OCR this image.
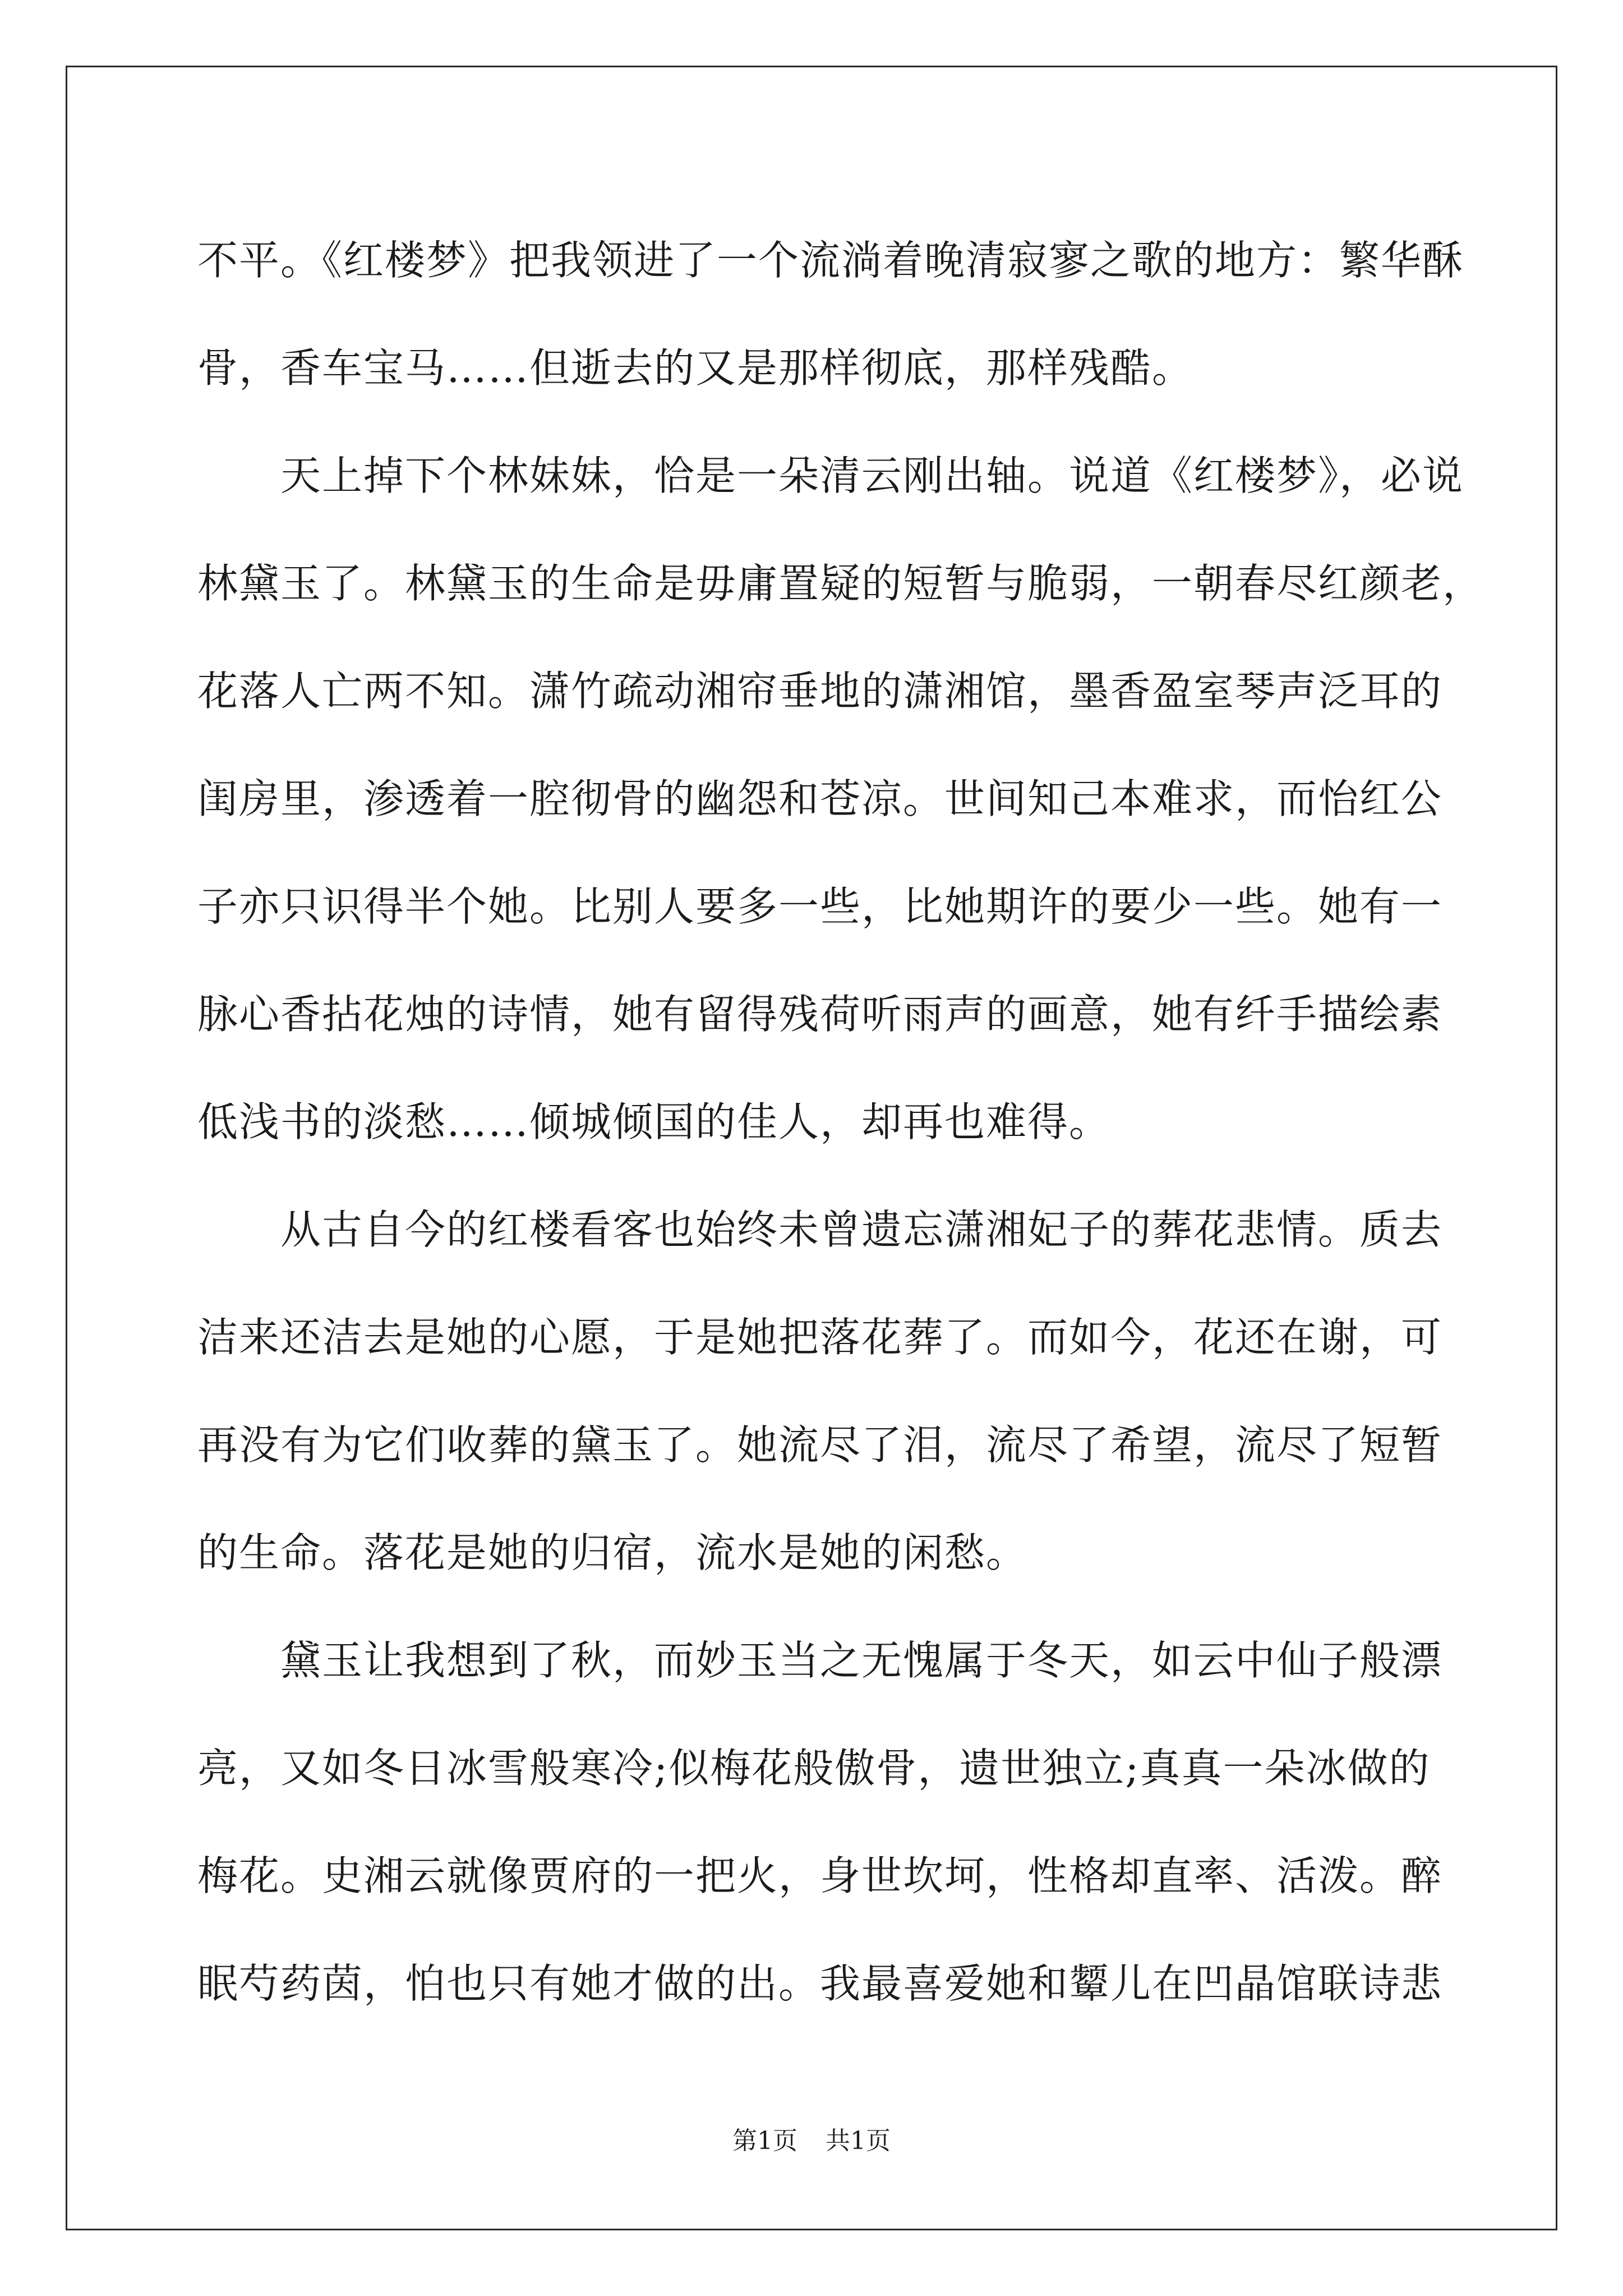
不平。《红楼梦》把我领进了一个流淌着晚清寂寥之歌的地方：繁华酥
骨，香车宝马……但逝去的又是那样彻底，那样残酷。
　　天上掉下个林妹妹，恰是一朵清云刚出轴。说道《红楼梦》，必说
林黛玉了。林黛玉的生命是毋庸置疑的短暂与脆弱，一朝春尽红颜老，
花落人亡两不知。潇竹疏动湘帘垂地的潇湘馆，墨香盈室琴声泛耳的
闺房里，渗透着一腔彻骨的幽怨和苍凉。世间知己本难求，而怡红公
子亦只识得半个她。比别人要多一些，比她期许的要少一些。她有一
脉心香拈花烛的诗情，她有留得残荷听雨声的画意，她有纤手描绘素
低浅书的淡愁……倾城倾国的佳人，却再也难得。
　　从古自今的红楼看客也始终未曾遗忘潇湘妃子的葬花悲情。质去
洁来还洁去是她的心愿，于是她把落花葬了。而如今，花还在谢，可
再没有为它们收葬的黛玉了。她流尽了泪，流尽了希望，流尽了短暂
的生命。落花是她的归宿，流水是她的闲愁。
　　黛玉让我想到了秋，而妙玉当之无愧属于冬天，如云中仙子般漂
亮，又如冬日冰雪般寒冷;似梅花般傲骨，遗世独立;真真一朵冰做的
梅花。史湘云就像贾府的一把火，身世坎坷，性格却直率、活泼。醉
眠芍药茵，怕也只有她才做的出。我最喜爱她和颦儿在凹晶馆联诗悲
第1页 共1页
